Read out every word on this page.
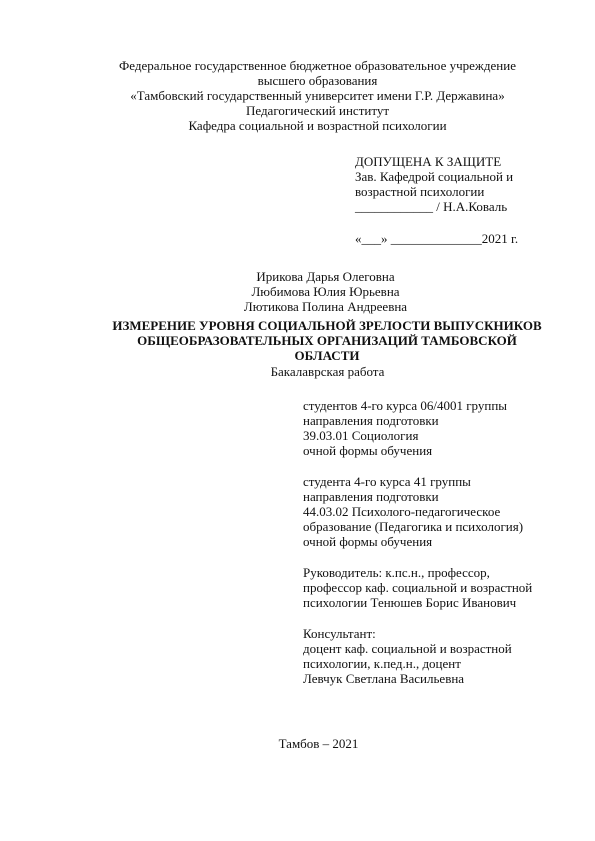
Федеральное государственное бюджетное образовательное учреждение
высшего образования
«Тамбовский государственный университет имени Г.Р. Державина»
Педагогический институт
Кафедра социальной и возрастной психологии
ДОПУЩЕНА К ЗАЩИТЕ
Зав. Кафедрой социальной и
возрастной психологии
____________ / Н.А.Коваль
«___» ______________2021 г.
Ирикова Дарья Олеговна
Любимова Юлия Юрьевна
Лютикова Полина Андреевна
ИЗМЕРЕНИЕ УРОВНЯ СОЦИАЛЬНОЙ ЗРЕЛОСТИ ВЫПУСКНИКОВ
ОБЩЕОБРАЗОВАТЕЛЬНЫХ ОРГАНИЗАЦИЙ ТАМБОВСКОЙ
ОБЛАСТИ
Бакалаврская работа
студентов 4-го курса 06/4001 группы
направления подготовки
39.03.01 Социология
очной формы обучения
студента 4-го курса 41 группы
направления подготовки
44.03.02 Психолого-педагогическое
образование (Педагогика и психология)
очной формы обучения
Руководитель: к.пс.н., профессор,
профессор каф. социальной и возрастной
психологии Тенюшев Борис Иванович
Консультант:
доцент каф. социальной и возрастной
психологии, к.пед.н., доцент
Левчук Светлана Васильевна
Тамбов – 2021
